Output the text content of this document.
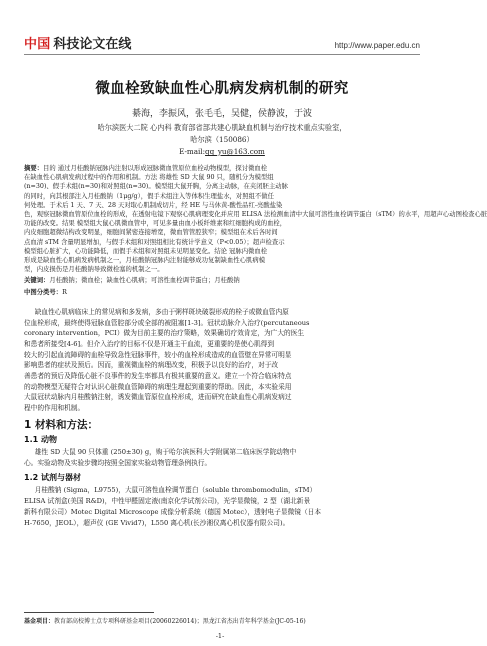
中国 科技论文在线	http://www.paper.edu.cn
微血栓致缺血性心肌病发病机制的研究
綦海，李振风，张毛毛，吴健，侯静波，于波
哈尔滨医大二院 心内科 教育部省部共建心肌缺血机制与治疗技术重点实验室，
哈尔滨（150086）
E-mail:qq_yu@163.com
摘要：目的 通过月桂酸钠冠脉内注射以形成冠脉微血管原位血栓动物模型，探讨微血栓
在缺血性心肌病发病过程中的作用和机制。方法 将雄性 SD 大鼠 90 只，随机分为模型组
(n=30)、假手术组(n=30)和对照组(n=30)。模型组大鼠开胸，分离主动脉，在夹闭胚主动脉
的同时，向其根部注入月桂酸钠（1μg/g），假手术组注入等体积生理盐水，对照组不做任
何处理。于术后 1 天、7 天、28 天对取心肌制成切片，经 HE 与马休黄-酸性品红-亮酸盐染
色，观察冠脉微血管原位血栓的形成，在透射电镜下观察心肌病理变化并应用 ELISA 法检测血清中大鼠可溶性血栓调节蛋白（sTM）的水平，用超声心动图检查心脏
功能的改变。结果 模型组大鼠心肌微血管中，可见多量由血小板纤维素和红细胞构成的血栓，
内皮细胞超微结构改变明显，细胞间紧密连接增宽，微血管管腔狭窄；模型组在术后各时间
点血清 sTM 含量明显增加，与假手术组和对照组相比有统计学意义（P<0.05）；超声检查示
模型组心脏扩大，心功能降低，而假手术组和对照组未见明显变化。结论 冠脉内微血栓
形成是缺血性心肌病发病机制之一，月桂酸钠冠脉内注射能够成功复制缺血性心肌病模
型，内皮损伤是月桂酸钠导致微栓塞的机制之一。
关键词：月桂酸钠；微血栓；缺血性心肌病；可溶性血栓调节蛋白；月桂酸钠
中图分类号：R
缺血性心肌病临床上的常见病和多发病，多由于粥样斑块破裂形成的栓子或微血管内原
位血栓形成，最终使得冠脉血管腔部分或全部的被阻塞[1-3]。冠状动脉介入治疗(percutaneous
coronary intervention，PCI）做为目前主要的治疗策略，效果确切疗效肯定，为广大的医生
和患者所接受[4-6]。但介入治疗的目标不仅是开通主干血流，更重要的是使心肌得到
较大的引起血流障碍的血栓导致急性冠脉事件，较小的血栓形成造成的血管壁在异常可明显
影响患者的症状及预后。因而，重视微血栓的病理改变，积极予以良好的治疗，对于改
善患者的预后及降低心脏不良事件的发生率都具有极其重要的意义。建立一个符合临床特点
的动物模型无疑符合对认识心脏微血管障碍的病理生理起到重要的帮助。因此，本实验采用
大鼠冠状动脉内月桂酸钠注射，诱发微血管原位血栓形成，进而研究在缺血性心肌病发病过
程中的作用和机制。
1 材料和方法：
1.1 动物
雄性 SD 大鼠 90 只体重 (250±30) g，购于哈尔滨医科大学附属第二临床医学院动物中
心。实验动物及实验步骤均按照全国家实验动物管理条例执行。
1.2 试剂与器材
月桂酸钠 (Sigma，L9755)，大鼠可溶性血栓调节蛋白（soluble thrombomodulin，sTM）
ELISA 试剂盒(美国 R&D)，中性甲醛固定液(南京化学试剂公司)，光学显微镜，2 型（湖北新景
新科有限公司）Motec Digital Microscope 成像分析系统（德国 Motec），透射电子显微镜（日本
H-7650，JEOL），超声仪 (GE Vivid7)，L550 离心机(长沙湘仪离心机仪器有限公司)。
基金项目：教育部高校博士点专项科研基金项目(20060226014)；黑龙江省杰出青年科学基金(JC-05-16)
-1-
